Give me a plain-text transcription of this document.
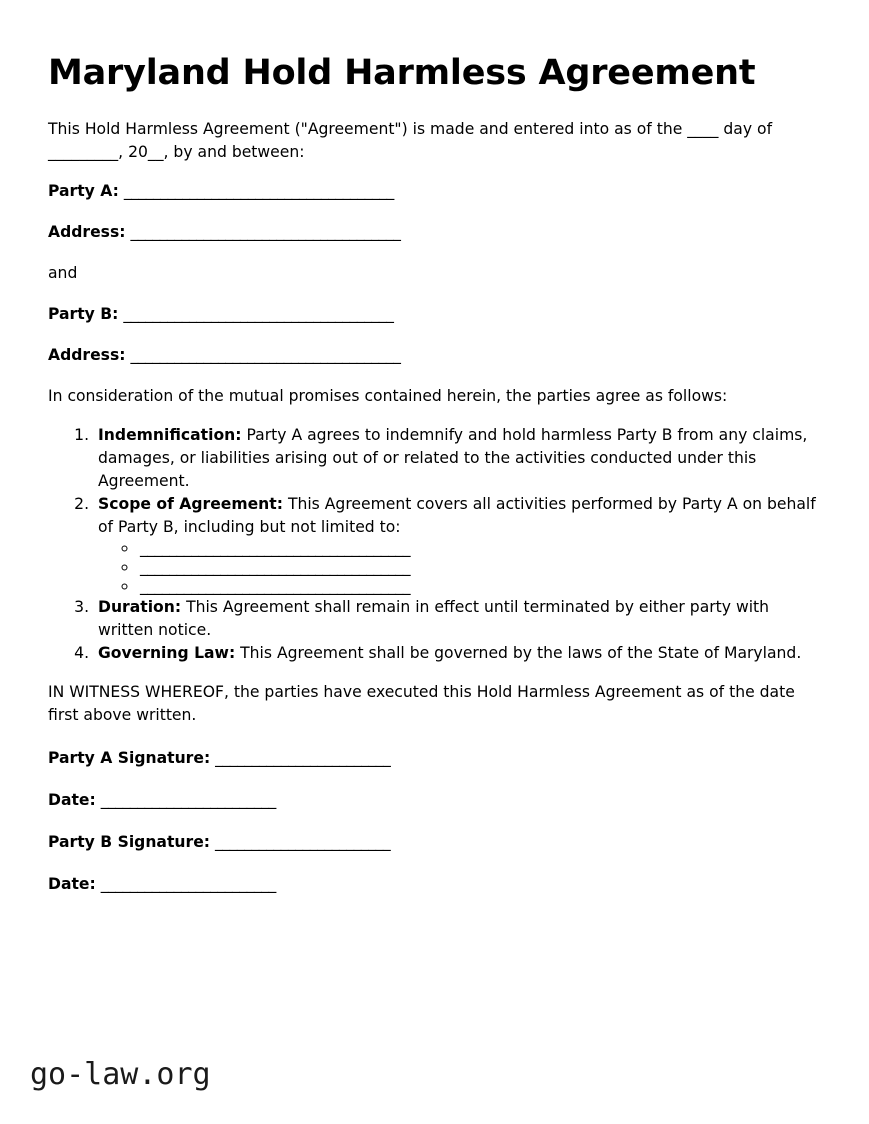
Maryland Hold Harmless Agreement

This Hold Harmless Agreement ("Agreement") is made and entered into as of the ____ day of _________, 20__, by and between:

Party A: _____________________________________
Address: _____________________________________
and
Party B: _____________________________________
Address: _____________________________________

In consideration of the mutual promises contained herein, the parties agree as follows:

1. Indemnification: Party A agrees to indemnify and hold harmless Party B from any claims, damages, or liabilities arising out of or related to the activities conducted under this Agreement.
2. Scope of Agreement: This Agreement covers all activities performed by Party A on behalf of Party B, including but not limited to:
◦ _____________________________________
◦ _____________________________________
◦ _____________________________________
3. Duration: This Agreement shall remain in effect until terminated by either party with written notice.
4. Governing Law: This Agreement shall be governed by the laws of the State of Maryland.

IN WITNESS WHEREOF, the parties have executed this Hold Harmless Agreement as of the date first above written.

Party A Signature: ________________________
Date: ________________________
Party B Signature: ________________________
Date: ________________________
go-law.org
